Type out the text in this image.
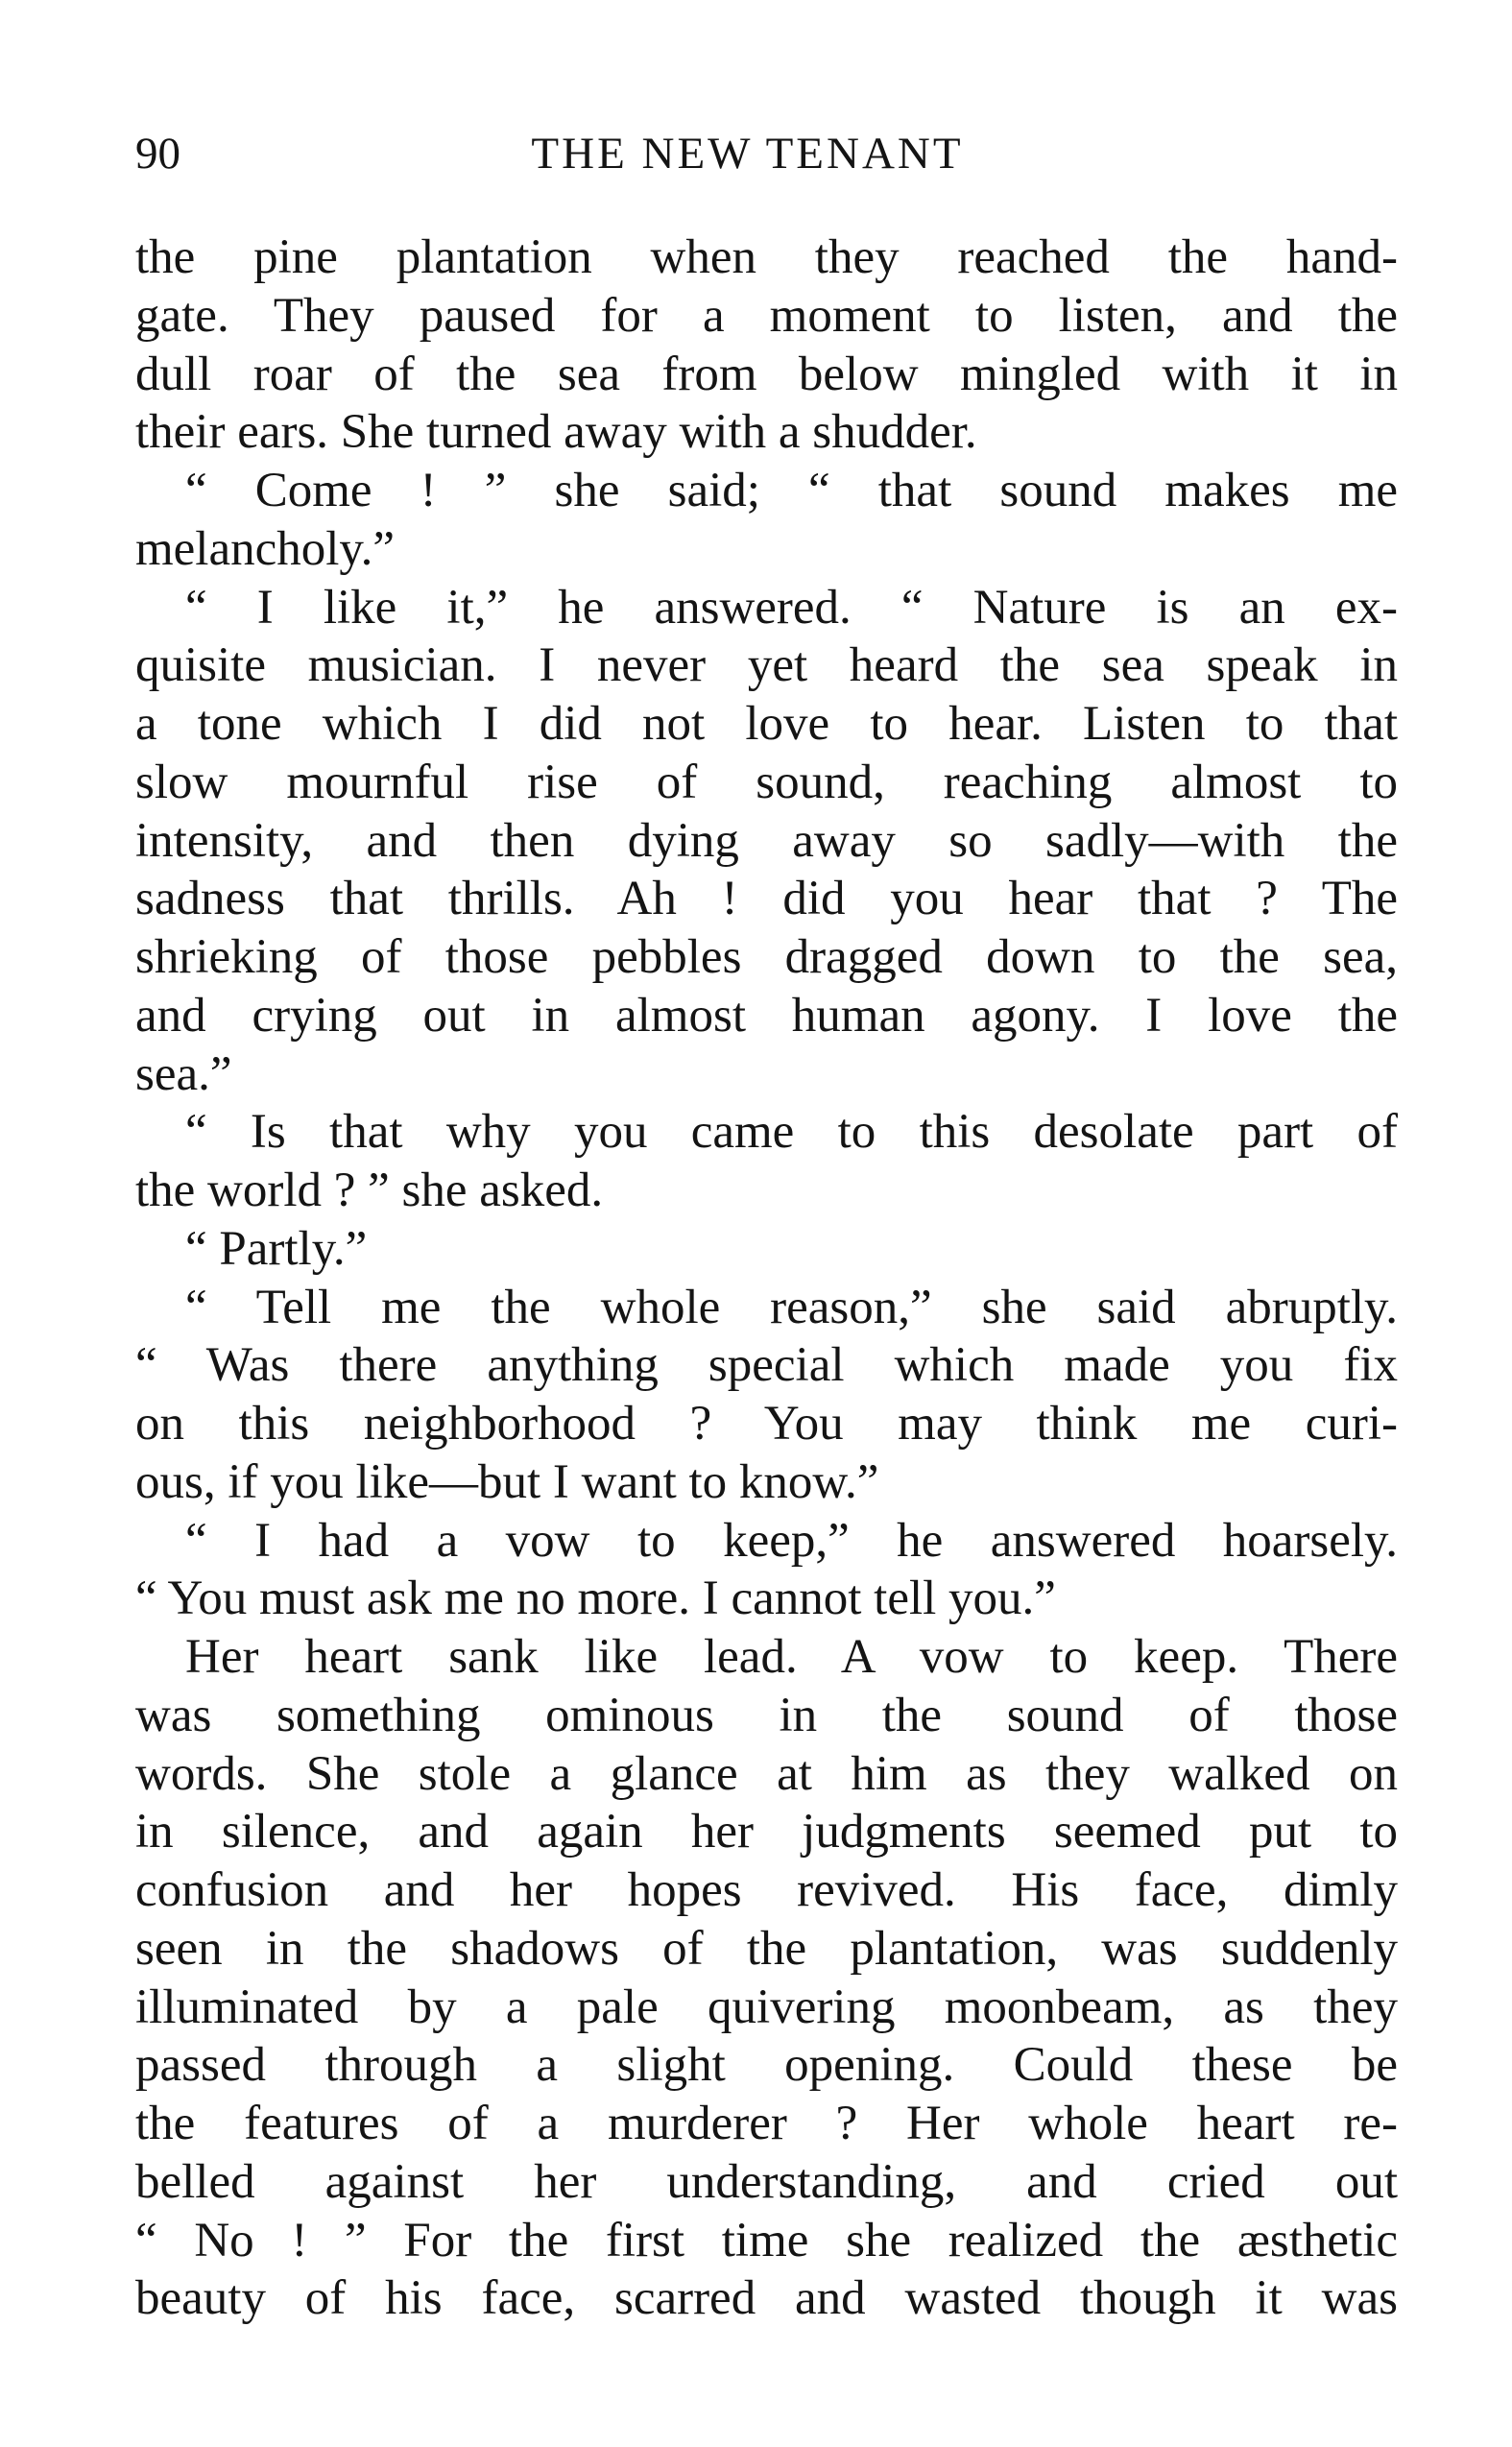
90	THE NEW TENANT
the pine plantation when they reached the hand-
gate. They paused for a moment to listen, and the
dull roar of the sea from below mingled with it in
their ears. She turned away with a shudder.
“ Come ! ” she said; “ that sound makes me
melancholy.”
“ I like it,” he answered. “ Nature is an ex-
quisite musician. I never yet heard the sea speak in
a tone which I did not love to hear. Listen to that
slow mournful rise of sound, reaching almost to
intensity, and then dying away so sadly—with the
sadness that thrills. Ah ! did you hear that ? The
shrieking of those pebbles dragged down to the sea,
and crying out in almost human agony. I love the
sea.”
“ Is that why you came to this desolate part of
the world ? ” she asked.
“ Partly.”
“ Tell me the whole reason,” she said abruptly.
“ Was there anything special which made you fix
on this neighborhood ? You may think me curi-
ous, if you like—but I want to know.”
“ I had a vow to keep,” he answered hoarsely.
“ You must ask me no more. I cannot tell you.”
Her heart sank like lead. A vow to keep. There
was something ominous in the sound of those
words. She stole a glance at him as they walked on
in silence, and again her judgments seemed put to
confusion and her hopes revived. His face, dimly
seen in the shadows of the plantation, was suddenly
illuminated by a pale quivering moonbeam, as they
passed through a slight opening. Could these be
the features of a murderer ? Her whole heart re-
belled against her understanding, and cried out
“ No ! ” For the first time she realized the æsthetic
beauty of his face, scarred and wasted though it was
